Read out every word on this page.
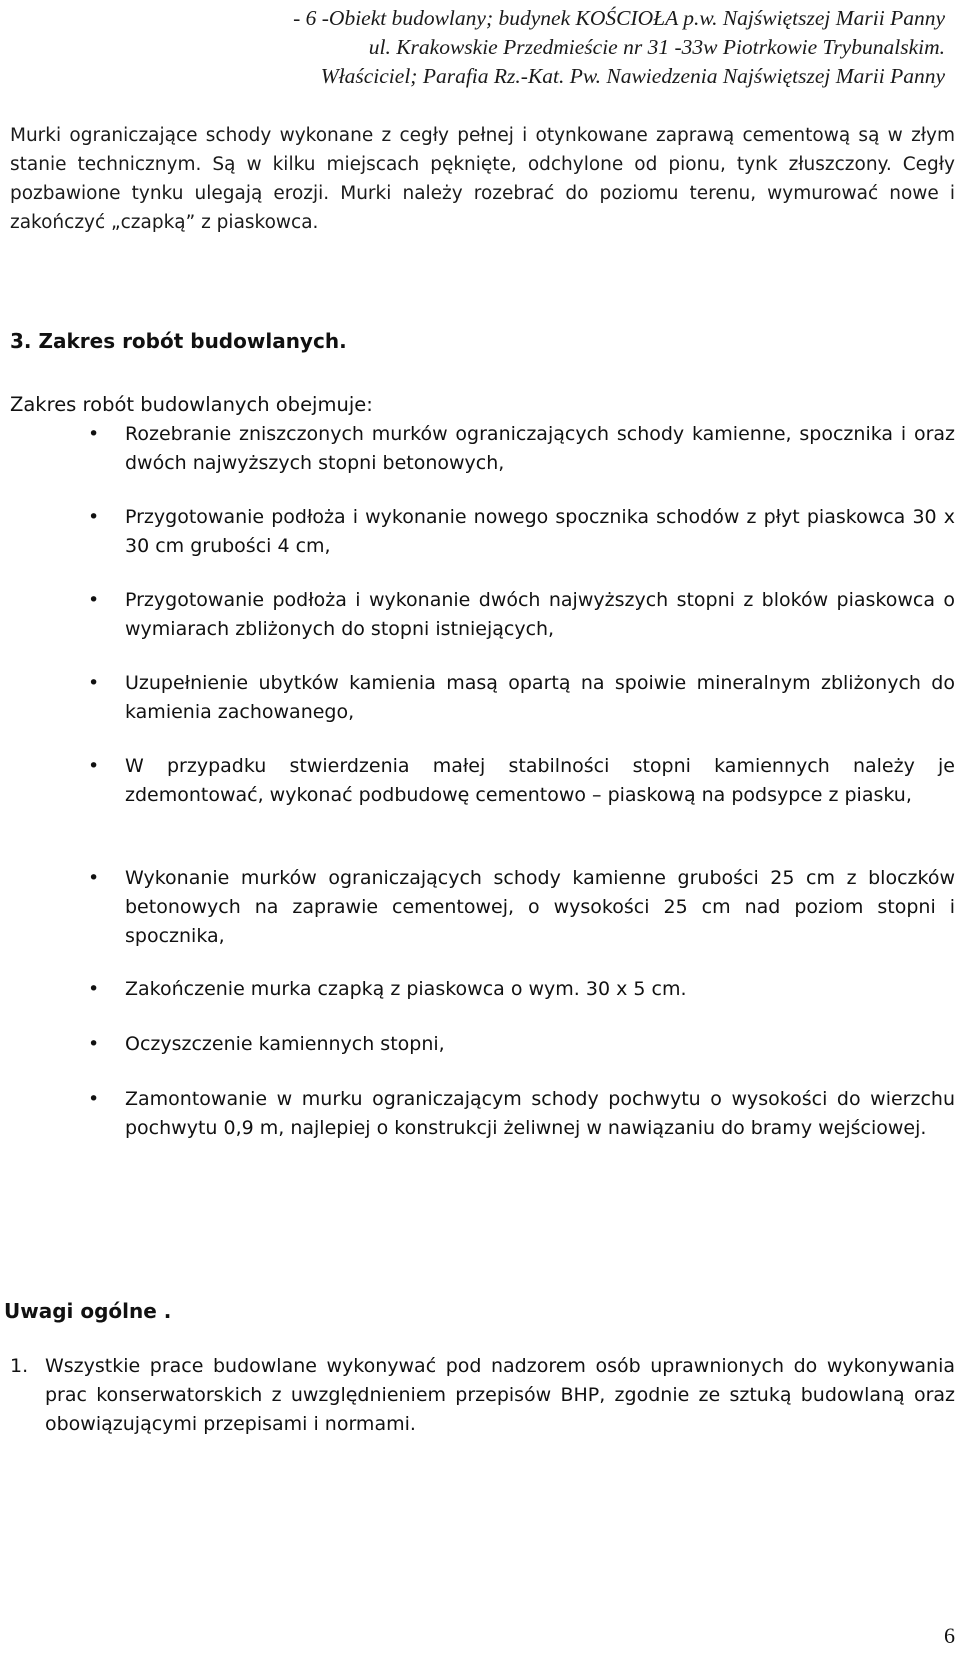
- 6 -Obiekt budowlany; budynek KOŚCIOŁA p.w. Najświętszej Marii Panny
ul. Krakowskie Przedmieście nr 31 -33w Piotrkowie Trybunalskim.
Właściciel; Parafia Rz.-Kat. Pw. Nawiedzenia Najświętszej Marii Panny
Murki ograniczające schody wykonane z cegły pełnej i otynkowane zaprawą cementową są w złym stanie technicznym. Są w kilku miejscach pęknięte, odchylone od pionu, tynk złuszczony. Cegły pozbawione tynku ulegają erozji. Murki należy rozebrać do poziomu terenu, wymurować nowe i zakończyć „czapką” z piaskowca.
3. Zakres robót budowlanych.
Zakres robót budowlanych obejmuje:
• Rozebranie zniszczonych murków ograniczających schody kamienne, spocznika i oraz dwóch najwyższych stopni betonowych,
• Przygotowanie podłoża i wykonanie nowego spocznika schodów z płyt piaskowca 30 x 30 cm grubości 4 cm,
• Przygotowanie podłoża i wykonanie dwóch najwyższych stopni z bloków piaskowca o wymiarach zbliżonych do stopni istniejących,
• Uzupełnienie ubytków kamienia masą opartą na spoiwie mineralnym zbliżonych do kamienia zachowanego,
• W przypadku stwierdzenia małej stabilności stopni kamiennych należy je zdemontować, wykonać podbudowę cementowo – piaskową na podsypce z piasku,
• Wykonanie murków ograniczających schody kamienne grubości 25 cm z bloczków betonowych na zaprawie cementowej, o wysokości 25 cm nad poziom stopni i spocznika,
• Zakończenie murka czapką z piaskowca o wym. 30 x 5 cm.
• Oczyszczenie kamiennych stopni,
• Zamontowanie w murku ograniczającym schody pochwytu o wysokości do wierzchu pochwytu 0,9 m, najlepiej o konstrukcji żeliwnej w nawiązaniu do bramy wejściowej.
Uwagi ogólne .
1. Wszystkie prace budowlane wykonywać pod nadzorem osób uprawnionych do wykonywania prac konserwatorskich z uwzględnieniem przepisów BHP, zgodnie ze sztuką budowlaną oraz obowiązującymi przepisami i normami.
6
